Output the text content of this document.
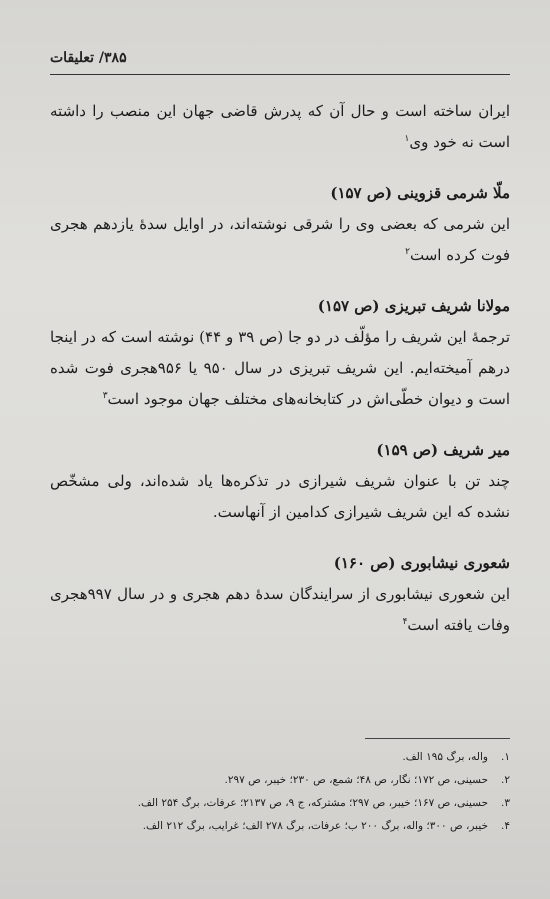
۳۸۵/ تعلیقات

ایران ساخته است و حال آن که پدرش قاضی جهان این منصب را داشته است نه خود وی$^۱$

ملّا شرمی قزوینی (ص ۱۵۷)

این شرمی که بعضی وی را شرقی نوشته‌اند، در اوایل سدهٔ یازدهم هجری فوت کرده است$^۲$

مولانا شریف تبریزی (ص ۱۵۷)

ترجمهٔ این شریف را مؤلّف در دو جا (ص ۳۹ و ۴۴) نوشته است که در اینجا درهم آمیخته‌ایم. این شریف تبریزی در سال ۹۵۰ یا ۹۵۶هجری فوت شده است و دیوان خطّی‌اش در کتابخانه‌های مختلف جهان موجود است$^۳$

میر شریف (ص ۱۵۹)

چند تن با عنوان شریف شیرازی در تذکره‌ها یاد شده‌اند، ولی مشخّص نشده که این شریف شیرازی کدامین از آنهاست.

شعوری نیشابوری (ص ۱۶۰)

این شعوری نیشابوری از سرایندگان سدهٔ دهم هجری و در سال ۹۹۷هجری وفات یافته است$^۴$

۱.
واله، برگ ۱۹۵ الف.
۲.
حسینی، ص ۱۷۲؛ نگار، ص ۴۸؛ شمع، ص ۲۳۰؛ خیبر، ص ۲۹۷.
۳.
حسینی، ص ۱۶۷؛ خیبر، ص ۲۹۷؛ مشترکه، ج ۹، ص ۲۱۳۷؛ عرفات، برگ ۲۵۴ الف.
۴.
خیبر، ص ۳۰۰؛ واله، برگ ۲۰۰ ب؛ عرفات، برگ ۲۷۸ الف؛ غرایب، برگ ۲۱۲ الف.
